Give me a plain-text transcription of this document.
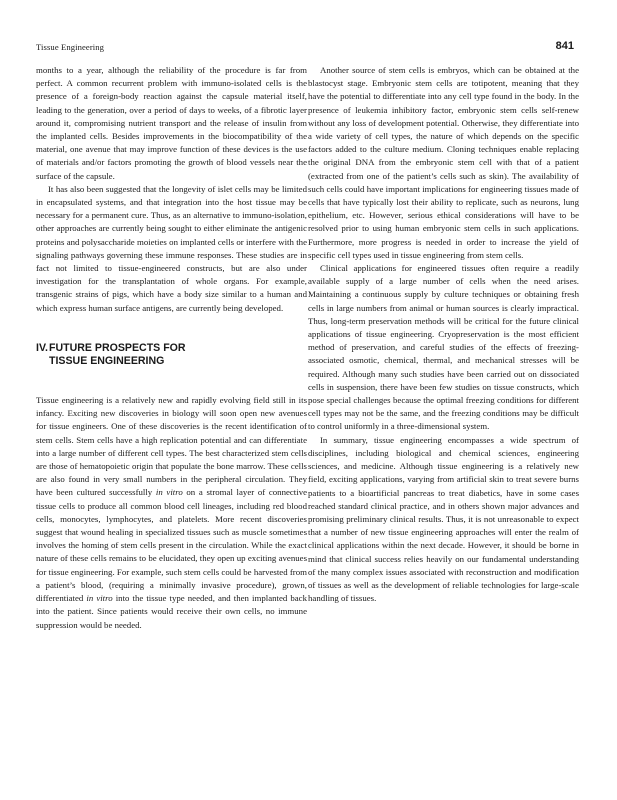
Tissue Engineering	841

months to a year, although the reliability of the procedure is far from perfect. A common recurrent problem with immuno-isolated cells is the presence of a foreign-body reaction against the capsule material itself, leading to the generation, over a period of days to weeks, of a fibrotic layer around it, compromising nutrient transport and the release of insulin from the implanted cells. Besides improvements in the biocompatibility of the material, one avenue that may improve function of these devices is the use of materials and/or factors promoting the growth of blood vessels near the surface of the capsule.

It has also been suggested that the longevity of islet cells may be limited in encapsulated systems, and that integration into the host tissue may be necessary for a permanent cure. Thus, as an alternative to immuno-isolation, other approaches are currently being sought to either eliminate the antigenic proteins and polysaccharide moieties on implanted cells or interfere with the signaling pathways governing these immune responses. These studies are in fact not limited to tissue-engineered constructs, but are also under investigation for the transplantation of whole organs. For example, transgenic strains of pigs, which have a body size similar to a human and which express human surface antigens, are currently being developed.

IV.FUTURE PROSPECTS FOR
TISSUE ENGINEERING

Tissue engineering is a relatively new and rapidly evolving field still in its infancy. Exciting new discoveries in biology will soon open new avenues for tissue engineers. One of these discoveries is the recent identification of stem cells. Stem cells have a high replication potential and can differentiate into a large number of different cell types. The best characterized stem cells are those of hematopoietic origin that populate the bone marrow. These cells are also found in very small numbers in the peripheral circulation. They have been cultured successfully in vitro on a stromal layer of connective tissue cells to produce all common blood cell lineages, including red blood cells, monocytes, lymphocytes, and platelets. More recent discoveries suggest that wound healing in specialized tissues such as muscle sometimes involves the homing of stem cells present in the circulation. While the exact nature of these cells remains to be elucidated, they open up exciting avenues for tissue engineering. For example, such stem cells could be harvested from a patient’s blood, (requiring a minimally invasive procedure), grown, differentiated in vitro into the tissue type needed, and then implanted back into the patient. Since patients would receive their own cells, no immune suppression would be needed.

Another source of stem cells is embryos, which can be obtained at the blastocyst stage. Embryonic stem cells are totipotent, meaning that they have the potential to differentiate into any cell type found in the body. In the presence of leukemia inhibitory factor, embryonic stem cells self-renew without any loss of development potential. Otherwise, they differentiate into a wide variety of cell types, the nature of which depends on the specific factors added to the culture medium. Cloning techniques enable replacing the original DNA from the embryonic stem cell with that of a patient (extracted from one of the patient’s cells such as skin). The availability of such cells could have important implications for engineering tissues made of cells that have typically lost their ability to replicate, such as neurons, lung epithelium, etc. However, serious ethical considerations will have to be resolved prior to using human embryonic stem cells in such applications. Furthermore, more progress is needed in order to increase the yield of specific cell types used in tissue engineering from stem cells.

Clinical applications for engineered tissues often require a readily available supply of a large number of cells when the need arises. Maintaining a continuous supply by culture techniques or obtaining fresh cells in large numbers from animal or human sources is clearly impractical. Thus, long-term preservation methods will be critical for the future clinical applications of tissue engineering. Cryopreservation is the most efficient method of preservation, and careful studies of the effects of freezing-associated osmotic, chemical, thermal, and mechanical stresses will be required. Although many such studies have been carried out on dissociated cells in suspension, there have been few studies on tissue constructs, which pose special challenges because the optimal freezing conditions for different cell types may not be the same, and the freezing conditions may be difficult to control uniformly in a three-dimensional system.

In summary, tissue engineering encompasses a wide spectrum of disciplines, including biological and chemical sciences, engineering sciences, and medicine. Although tissue engineering is a relatively new field, exciting applications, varying from artificial skin to treat severe burns patients to a bioartificial pancreas to treat diabetics, have in some cases reached standard clinical practice, and in others shown major advances and promising preliminary clinical results. Thus, it is not unreasonable to expect that a number of new tissue engineering approaches will enter the realm of clinical applications within the next decade. However, it should be borne in mind that clinical success relies heavily on our fundamental understanding of the many complex issues associated with reconstruction and modification of tissues as well as the development of reliable technologies for large-scale handling of tissues.
